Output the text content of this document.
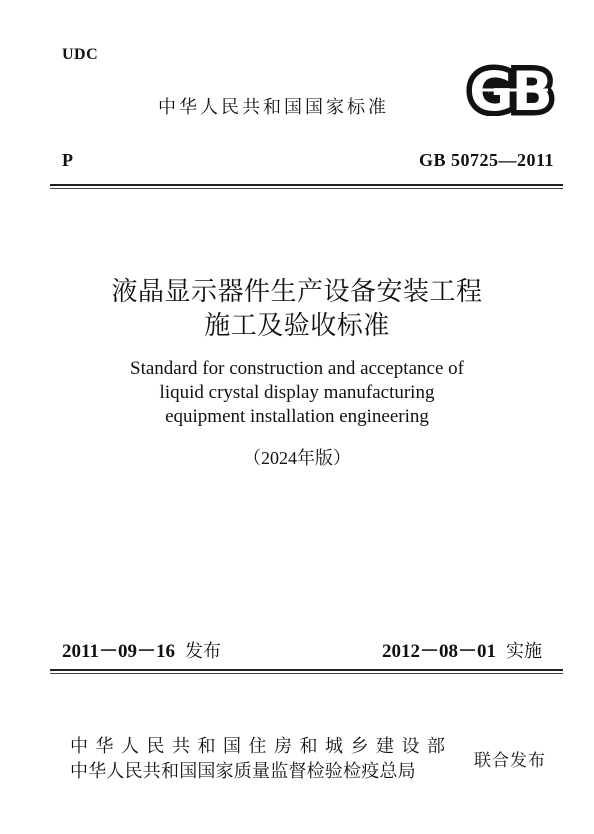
UDC
中华人民共和国国家标准 GB
P	GB 50725—2011
液晶显示器件生产设备安装工程
施工及验收标准
Standard for construction and acceptance of
liquid crystal display manufacturing
equipment installation engineering
（2024年版）
2011－09－16 发布	2012－08－01 实施
中华人民共和国住房和城乡建设部
中华人民共和国国家质量监督检验检疫总局	联合发布
